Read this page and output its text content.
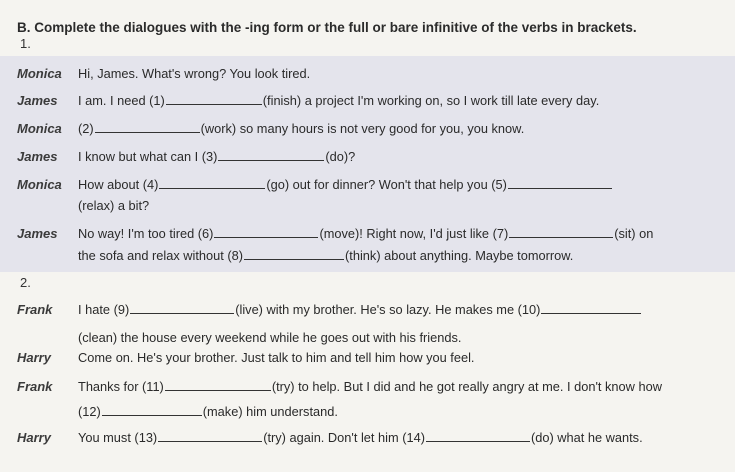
B. Complete the dialogues with the -ing form or the full or bare infinitive of the verbs in brackets.
1.
Monica	Hi, James. What's wrong? You look tired.
James	I am. I need (1)	(finish) a project I'm working on, so I work till late every day.
Monica	(2)	(work) so many hours is not very good for you, you know.
James	I know but what can I (3)	(do)?
Monica	How about (4)	(go) out for dinner? Won't that help you (5)
(relax) a bit?
James	No way! I'm too tired (6)	(move)! Right now, I'd just like (7)	(sit) on
the sofa and relax without (8)	(think) about anything. Maybe tomorrow.
2.
Frank	I hate (9)	(live) with my brother. He's so lazy. He makes me (10)
(clean) the house every weekend while he goes out with his friends.
Harry	Come on. He's your brother. Just talk to him and tell him how you feel.
Frank	Thanks for (11)	(try) to help. But I did and he got really angry at me. I don't know how
(12)	(make) him understand.
Harry	You must (13)	(try) again. Don't let him (14)	(do) what he wants.
